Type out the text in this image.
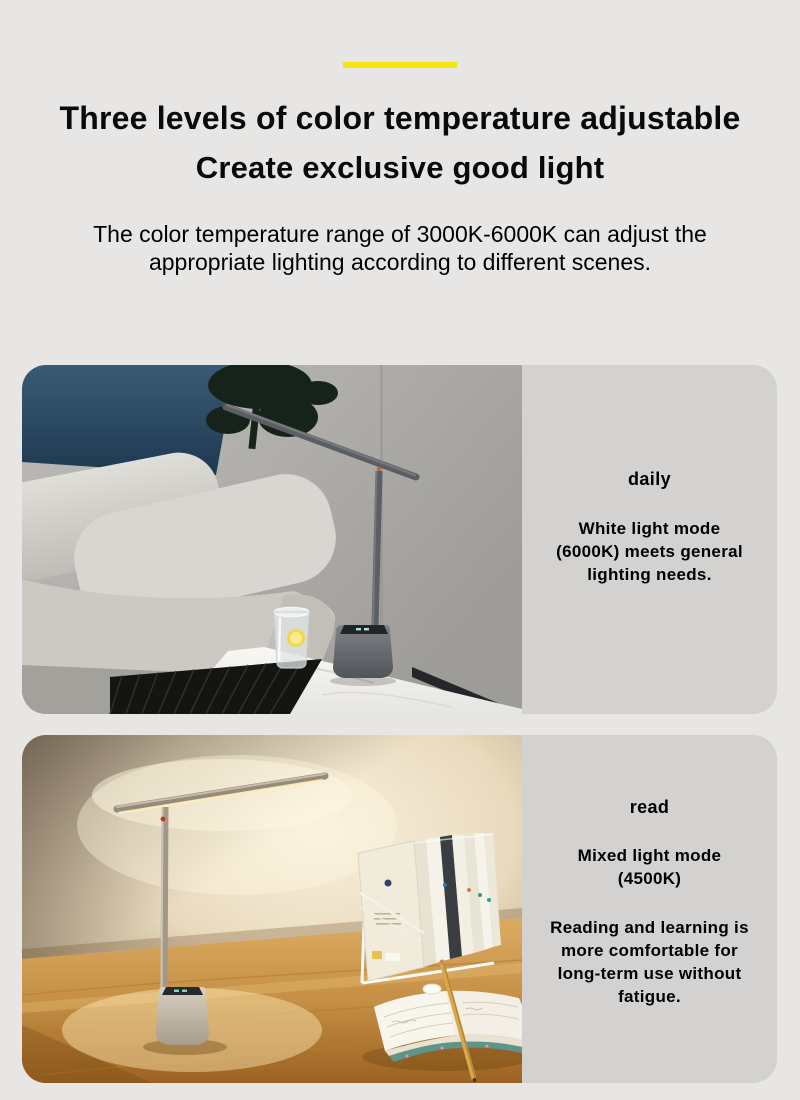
Three levels of color temperature adjustable
Create exclusive good light
The color temperature range of 3000K-6000K can adjust the
appropriate lighting according to different scenes.
daily
White light mode
(6000K) meets general
lighting needs.
read
Mixed light mode
(4500K)
Reading and learning is
more comfortable for
long-term use without
fatigue.
